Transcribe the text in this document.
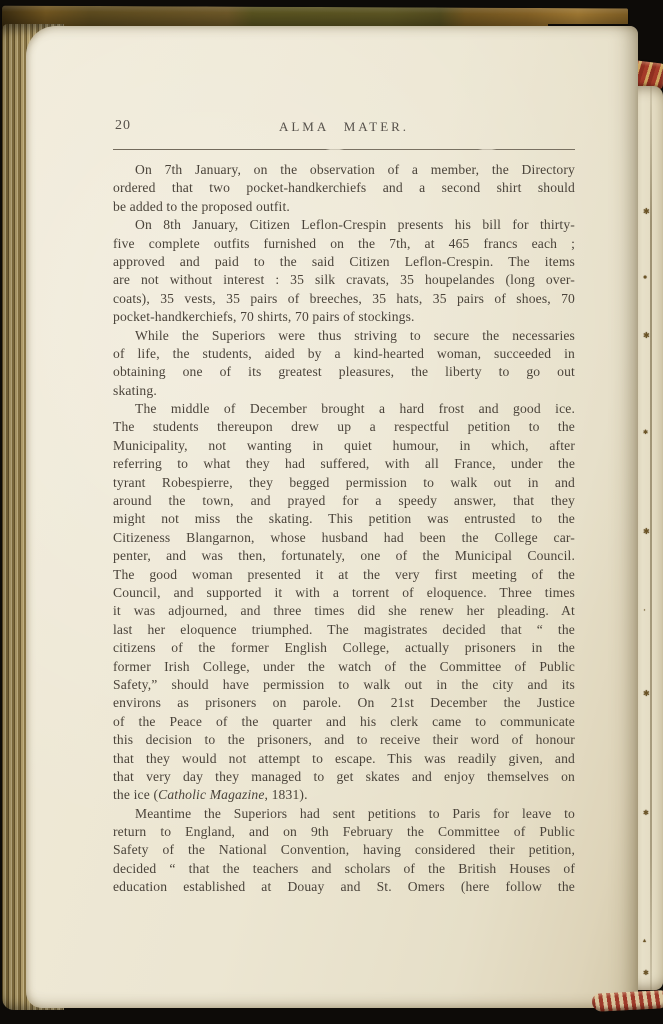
✱
●
✱
✱
✱
·
✱
✱
▴
✱
20	ALMA MATER.
On 7th January, on the observation of a member, the Directory
ordered that two pocket-handkerchiefs and a second shirt should
be added to the proposed outfit.
On 8th January, Citizen Leflon-Crespin presents his bill for thirty-
five complete outfits furnished on the 7th, at 465 francs each ;
approved and paid to the said Citizen Leflon-Crespin. The items
are not without interest : 35 silk cravats, 35 houpelandes (long over-
coats), 35 vests, 35 pairs of breeches, 35 hats, 35 pairs of shoes, 70
pocket-handkerchiefs, 70 shirts, 70 pairs of stockings.
While the Superiors were thus striving to secure the necessaries
of life, the students, aided by a kind-hearted woman, succeeded in
obtaining one of its greatest pleasures, the liberty to go out
skating.
The middle of December brought a hard frost and good ice.
The students thereupon drew up a respectful petition to the
Municipality, not wanting in quiet humour, in which, after
referring to what they had suffered, with all France, under the
tyrant Robespierre, they begged permission to walk out in and
around the town, and prayed for a speedy answer, that they
might not miss the skating. This petition was entrusted to the
Citizeness Blangarnon, whose husband had been the College car-
penter, and was then, fortunately, one of the Municipal Council.
The good woman presented it at the very first meeting of the
Council, and supported it with a torrent of eloquence. Three times
it was adjourned, and three times did she renew her pleading. At
last her eloquence triumphed. The magistrates decided that “ the
citizens of the former English College, actually prisoners in the
former Irish College, under the watch of the Committee of Public
Safety,” should have permission to walk out in the city and its
environs as prisoners on parole. On 21st December the Justice
of the Peace of the quarter and his clerk came to communicate
this decision to the prisoners, and to receive their word of honour
that they would not attempt to escape. This was readily given, and
that very day they managed to get skates and enjoy themselves on
the ice (Catholic Magazine, 1831).
Meantime the Superiors had sent petitions to Paris for leave to
return to England, and on 9th February the Committee of Public
Safety of the National Convention, having considered their petition,
decided “ that the teachers and scholars of the British Houses of
education established at Douay and St. Omers (here follow the
